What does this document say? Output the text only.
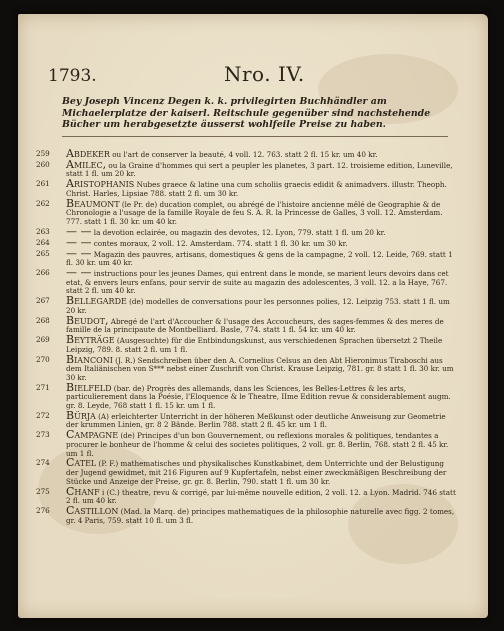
1793.	Nro. IV.
Bey Joseph Vincenz Degen k. k. privilegirten Buchhändler am Michaelerplatze der kaiserl. Reitschule gegenüber sind nachstehende Bücher um herabgesetzte äusserst wohlfeile Preise zu haben.
259	Abdeker ou l'art de conserver la beauté, 4 voll. 12. 763. statt 2 fl. 15 kr. um 40 kr.
260	Amilec, ou la Graine d'hommes qui sert a peupler les planetes, 3 part. 12. troisieme edition, Luneville, statt 1 fl. um 20 kr.
261	Aristophanis Nubes graece & latine una cum scholiis graecis edidit & animadvers. illustr. Theoph. Christ. Harles, Lipsiae 788. statt 2 fl. um 30 kr.
262	Beaumont (le Pr. de) ducation complet, ou abrégé de l'histoire ancienne mêlé de Geographie & de Chronologie a l'usage de la famille Royale de feu S. A. R. la Princesse de Galles, 3 voll. 12. Amsterdam. 777. statt 1 fl. 30 kr. um 40 kr.
263	— — la devotion eclairée, ou magazin des devotes, 12. Lyon, 779. statt 1 fl. um 20 kr.
264	— — contes moraux, 2 voll. 12. Amsterdam. 774. statt 1 fl. 30 kr. um 30 kr.
265	— — Magazin des pauvres, artisans, domestiques & gens de la campagne, 2 voll. 12. Leide, 769. statt 1 fl. 30 kr. um 40 kr.
266	— — instructions pour les jeunes Dames, qui entrent dans le monde, se marient leurs devoirs dans cet etat, & envers leurs enfans, pour servir de suite au magazin des adolescentes, 3 voll. 12. a la Haye, 767. statt 2 fl. um 40 kr.
267	Bellegarde (de) modelles de conversations pour les personnes polies, 12. Leipzig 753. statt 1 fl. um 20 kr.
268	Beudot, Abregé de l'art d'Accoucher & l'usage des Accoucheurs, des sages-femmes & des meres de famille de la principaute de Montbelliard. Basle, 774. statt 1 fl. 54 kr. um 40 kr.
269	Beyträge (Ausgesuchte) für die Entbindungskunst, aus verschiedenen Sprachen übersetzt 2 Theile Leipzig, 789. 8. statt 2 fl. um 1 fl.
270	Bianconi (J. R.) Sendschreiben über den A. Cornelius Celsus an den Abt Hieronimus Tiraboschi aus dem Italiänischen von S*** nebst einer Zuschrift von Christ. Krause Leipzig, 781. gr. 8 statt 1 fl. 30 kr. um 30 kr.
271	Bielfeld (bar. de) Progrès des allemands, dans les Sciences, les Belles-Lettres & les arts, particulierement dans la Poésie, l'Eloquence & le Theatre, IIme Edition revue & considerablement augm. gr. 8. Leyde, 768 statt 1 fl. 15 kr. um 1 fl.
272	Bürja (A) erleichterter Unterricht in der höheren Meßkunst oder deutliche Anweisung zur Geometrie der krummen Linien, gr. 8 2 Bände. Berlin 788. statt 2 fl. 45 kr. um 1 fl.
273	Campagne (de) Principes d'un bon Gouvernement, ou reflexions morales & politiques, tendantes a procurer le bonheur de l'homme & celui des societes politiques, 2 voll. gr. 8. Berlin, 768. statt 2 fl. 45 kr. um 1 fl.
274	Catel (P. F.) mathematisches und physikalisches Kunstkabinet, dem Unterrichte und der Belustigung der Jugend gewidmet, mit 216 Figuren auf 9 Kupfertafeln, nebst einer zweckmäßigen Beschreibung der Stücke und Anzeige der Preise, gr. gr. 8. Berlin, 790. statt 1 fl. um 30 kr.
275	Chanf i (C.) theatre, revu & corrigé, par lui-même nouvelle edition, 2 voll. 12. a Lyon. Madrid. 746 statt 2 fl. um 40 kr.
276	Castillon (Mad. la Marq. de) principes mathematiques de la philosophie naturelle avec figg. 2 tomes, gr. 4 Paris, 759. statt 10 fl. um 3 fl.
